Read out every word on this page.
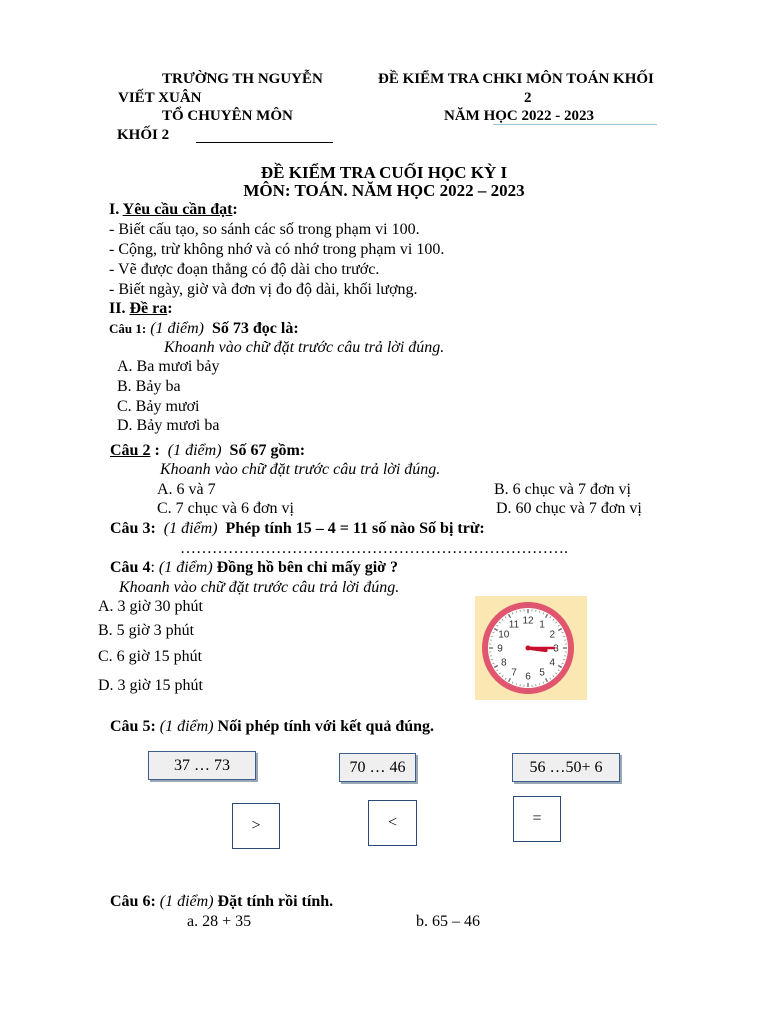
TRƯỜNG TH NGUYỄN
VIẾT XUÂN
TỔ CHUYÊN MÔN
KHỐI 2
ĐỀ KIỂM TRA CHKI MÔN TOÁN KHỐI
2
NĂM HỌC 2022 - 2023
ĐỀ KIỂM TRA CUỐI HỌC KỲ I
MÔN: TOÁN. NĂM HỌC 2022 – 2023
I. Yêu cầu cần đạt:
- Biết cấu tạo, so sánh các số trong phạm vi 100.
- Cộng, trừ không nhớ và có nhớ trong phạm vi 100.
- Vẽ được đoạn thẳng có độ dài cho trước.
- Biết ngày, giờ và đơn vị đo độ dài, khối lượng.
II. Đề ra:
Câu 1: (1 điểm) Số 73 đọc là:
Khoanh vào chữ đặt trước câu trả lời đúng.
A. Ba mươi bảy
B. Bảy ba
C. Bảy mươi
D. Bảy mươi ba
Câu 2 : (1 điểm) Số 67 gồm:
Khoanh vào chữ đặt trước câu trả lời đúng.
A. 6 và 7	B. 6 chục và 7 đơn vị
C. 7 chục và 6 đơn vị	D. 60 chục và 7 đơn vị
Câu 3: (1 điểm) Phép tính 15 – 4 = 11 số nào Số bị trừ:
……………………………………………………………….
Câu 4: (1 điểm) Đồng hồ bên chỉ mấy giờ ?
Khoanh vào chữ đặt trước câu trả lời đúng.
A. 3 giờ 30 phút
B. 5 giờ 3 phút
C. 6 giờ 15 phút
D. 3 giờ 15 phút
12 1
2
3
4
5
6
7
8
9
10
11
Câu 5: (1 điểm) Nối phép tính với kết quả đúng.
37 … 73	70 … 46	56 …50+ 6
>	<	=
Câu 6: (1 điểm) Đặt tính rồi tính.
a. 28 + 35	b. 65 – 46
